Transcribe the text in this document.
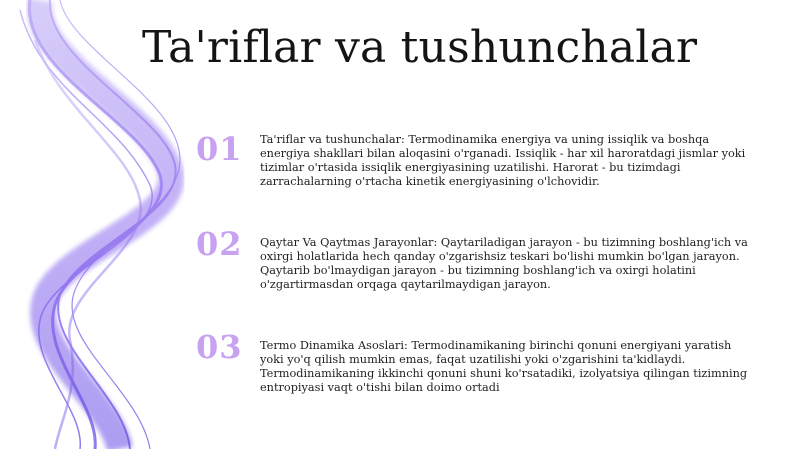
Ta'riflar va tushunchalar
01 Ta'riflar va tushunchalar: Termodinamika energiya va uning issiqlik va boshqa energiya shakllari bilan aloqasini o'rganadi. Issiqlik - har xil haroratdagi jismlar yoki tizimlar o'rtasida issiqlik energiyasining uzatilishi. Harorat - bu tizimdagi zarrachalarning o'rtacha kinetik energiyasining o'lchovidir.
02 Qaytar Va Qaytmas Jarayonlar: Qaytariladigan jarayon - bu tizimning boshlang'ich va oxirgi holatlarida hech qanday o'zgarishsiz teskari bo'lishi mumkin bo'lgan jarayon. Qaytarib bo'lmaydigan jarayon - bu tizimning boshlang'ich va oxirgi holatini o'zgartirmasdan orqaga qaytarilmaydigan jarayon.
03 Termo Dinamika Asoslari: Termodinamikaning birinchi qonuni energiyani yaratish yoki yo'q qilish mumkin emas, faqat uzatilishi yoki o'zgarishini ta'kidlaydi. Termodinamikaning ikkinchi qonuni shuni ko'rsatadiki, izolyatsiya qilingan tizimning entropiyasi vaqt o'tishi bilan doimo ortadi
